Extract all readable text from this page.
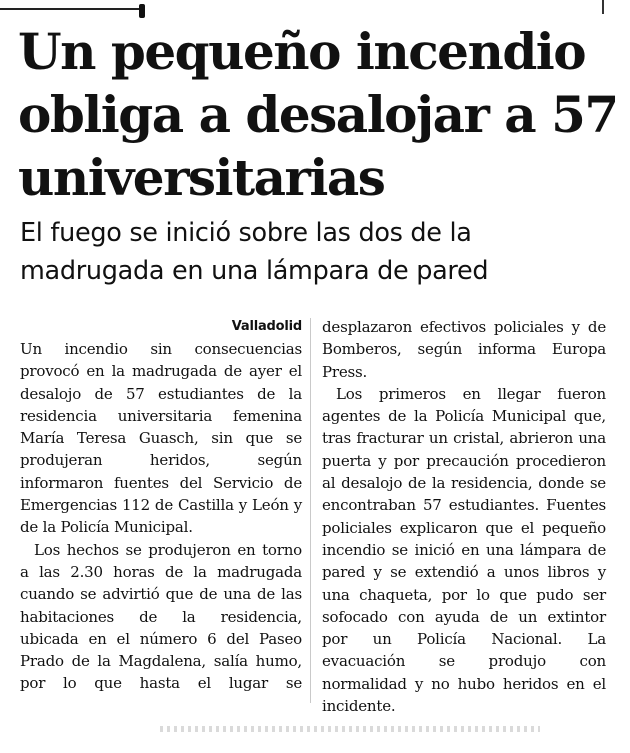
Un pequeño incendio obliga a desalojar a 57 universitarias
El fuego se inició sobre las dos de la madrugada en una lámpara de pared
Valladolid

Un incendio sin consecuencias provocó en la madrugada de ayer el desalojo de 57 estudiantes de la residencia universitaria femenina María Teresa Guasch, sin que se produjeran heridos, según informaron fuentes del Servicio de Emergencias 112 de Castilla y León y de la Policía Municipal.

Los hechos se produjeron en torno a las 2.30 horas de la madrugada cuando se advirtió que de una de las habitaciones de la residencia, ubicada en el número 6 del Paseo Prado de la Magdalena, salía humo, por lo que hasta el lugar se

desplazaron efectivos policiales y de Bomberos, según informa Europa Press.

Los primeros en llegar fueron agentes de la Policía Municipal que, tras fracturar un cristal, abrieron una puerta y por precaución procedieron al desalojo de la residencia, donde se encontraban 57 estudiantes. Fuentes policiales explicaron que el pequeño incendio se inició en una lámpara de pared y se extendió a unos libros y una chaqueta, por lo que pudo ser sofocado con ayuda de un extintor por un Policía Nacional. La evacuación se produjo con normalidad y no hubo heridos en el incidente.
